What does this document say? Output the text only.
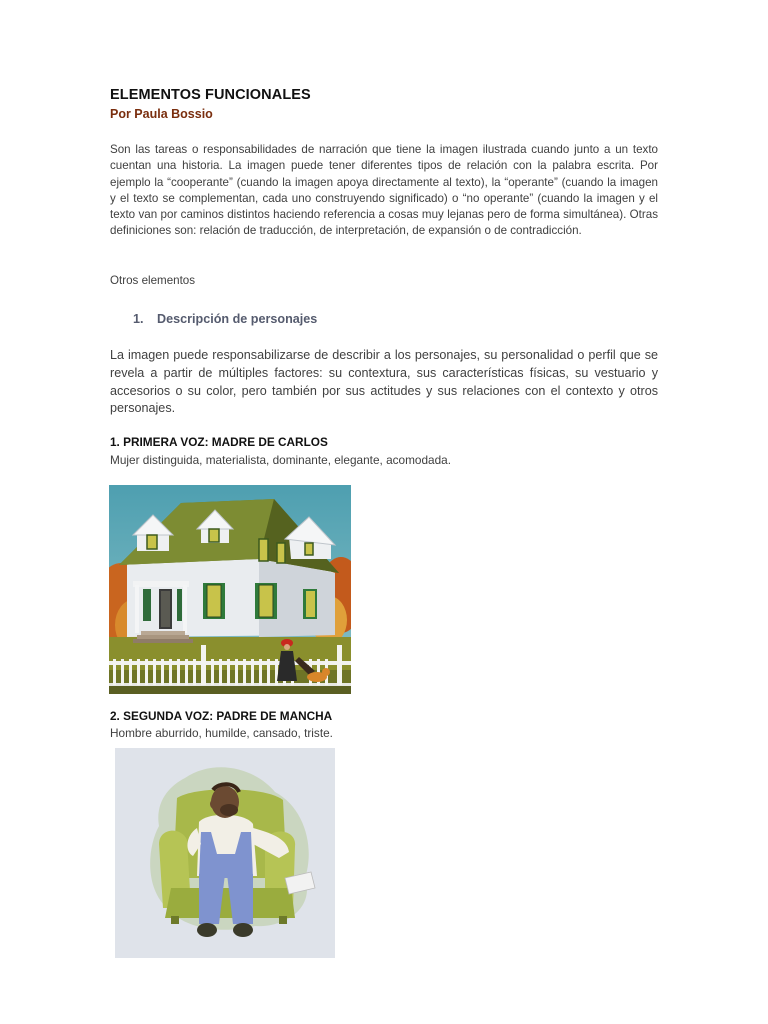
ELEMENTOS FUNCIONALES
Por Paula Bossio

Son las tareas o responsabilidades de narración que tiene la imagen ilustrada cuando junto a un texto cuentan una historia. La imagen puede tener diferentes tipos de relación con la palabra escrita. Por ejemplo la “cooperante” (cuando la imagen apoya directamente al texto), la “operante” (cuando la imagen y el texto se complementan, cada uno construyendo significado) o “no operante” (cuando la imagen y el texto van por caminos distintos haciendo referencia a cosas muy lejanas pero de forma simultánea). Otras definiciones son: relación de traducción, de interpretación, de expansión o de contradicción.

Otros elementos
1. Descripción de personajes

La imagen puede responsabilizarse de describir a los personajes, su personalidad o perfil que se revela a partir de múltiples factores: su contextura, sus características físicas, su vestuario y accesorios o su color, pero también por sus actitudes y sus relaciones con el contexto y otros personajes.

1. PRIMERA VOZ: MADRE DE CARLOS
Mujer distinguida, materialista, dominante, elegante, acomodada.
2. SEGUNDA VOZ: PADRE DE MANCHA
Hombre aburrido, humilde, cansado, triste.
